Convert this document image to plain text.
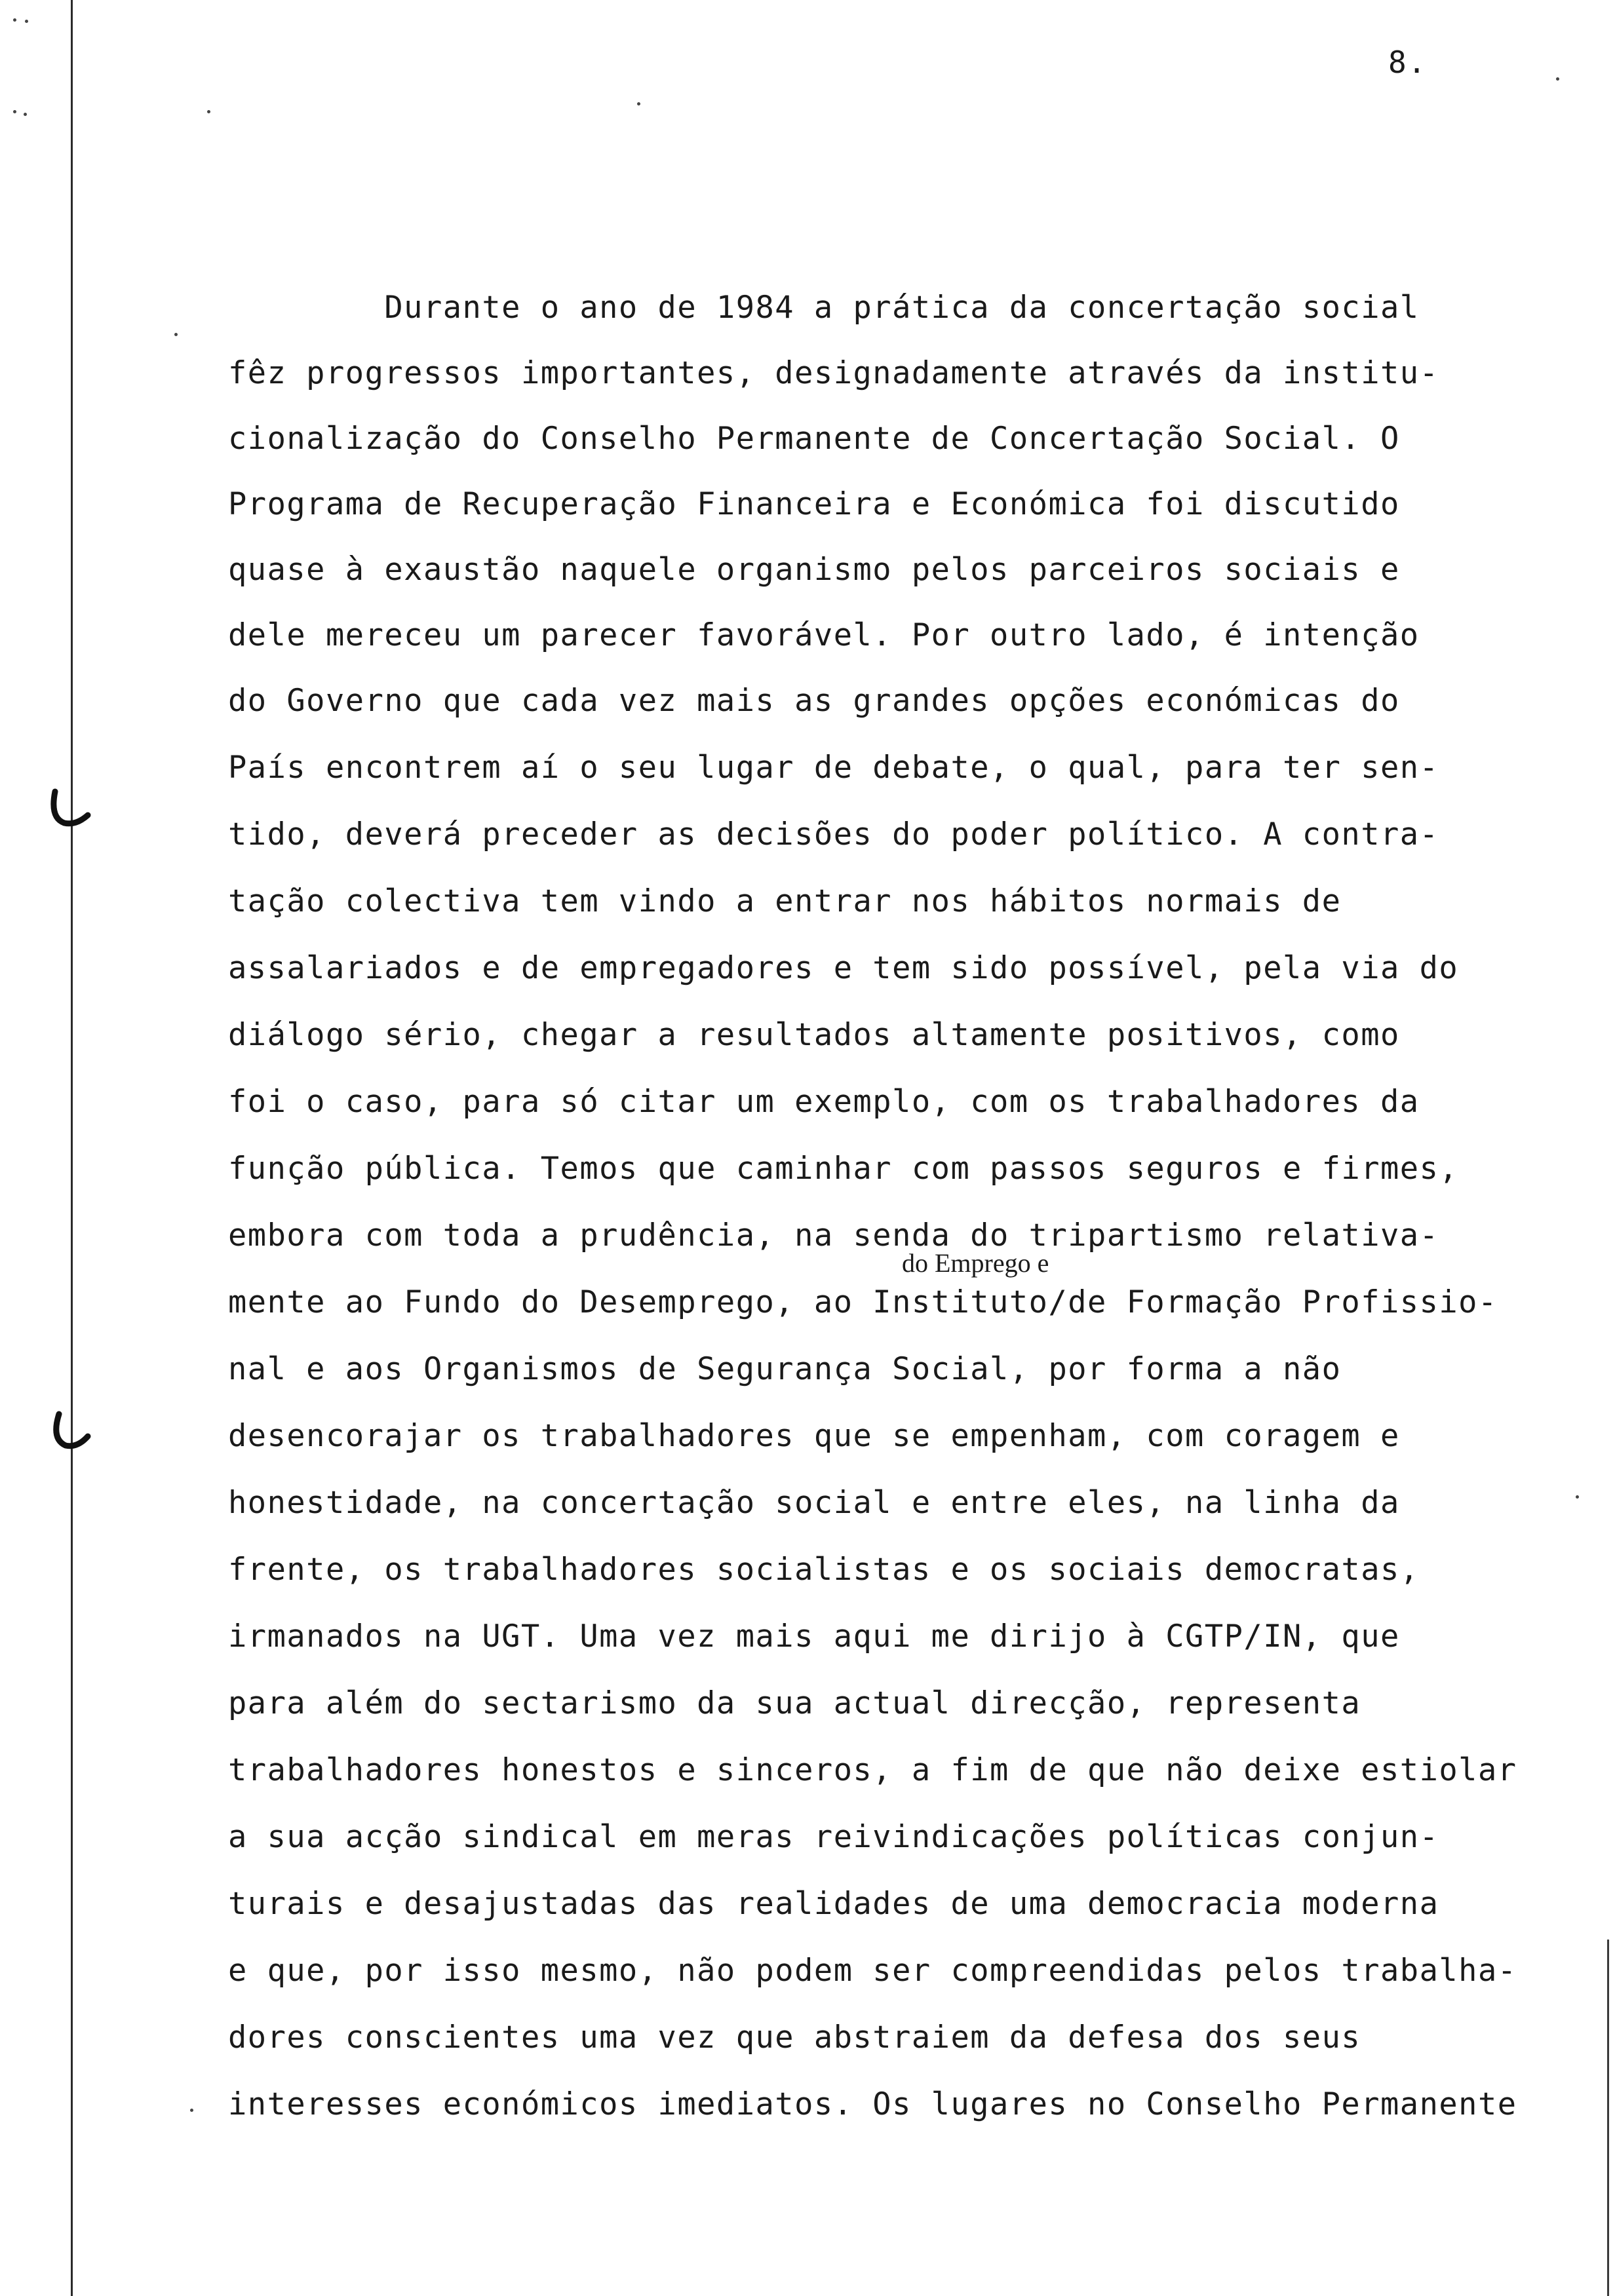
8.
Durante o ano de 1984 a prática da concertação social
fêz progressos importantes, designadamente através da institu-
cionalização do Conselho Permanente de Concertação Social. O
Programa de Recuperação Financeira e Económica foi discutido
quase à exaustão naquele organismo pelos parceiros sociais e
dele mereceu um parecer favorável. Por outro lado, é intenção
do Governo que cada vez mais as grandes opções económicas do
País encontrem aí o seu lugar de debate, o qual, para ter sen-
tido, deverá preceder as decisões do poder político. A contra-
tação colectiva tem vindo a entrar nos hábitos normais de
assalariados e de empregadores e tem sido possível, pela via do
diálogo sério, chegar a resultados altamente positivos, como
foi o caso, para só citar um exemplo, com os trabalhadores da
função pública. Temos que caminhar com passos seguros e firmes,
embora com toda a prudência, na senda do tripartismo relativa-
do Emprego e
mente ao Fundo do Desemprego, ao Instituto/de Formação Profissio-
nal e aos Organismos de Segurança Social, por forma a não
desencorajar os trabalhadores que se empenham, com coragem e
honestidade, na concertação social e entre eles, na linha da
frente, os trabalhadores socialistas e os sociais democratas,
irmanados na UGT. Uma vez mais aqui me dirijo à CGTP/IN, que
para além do sectarismo da sua actual direcção, representa
trabalhadores honestos e sinceros, a fim de que não deixe estiolar
a sua acção sindical em meras reivindicações políticas conjun-
turais e desajustadas das realidades de uma democracia moderna
e que, por isso mesmo, não podem ser compreendidas pelos trabalha-
dores conscientes uma vez que abstraiem da defesa dos seus
interesses económicos imediatos. Os lugares no Conselho Permanente
